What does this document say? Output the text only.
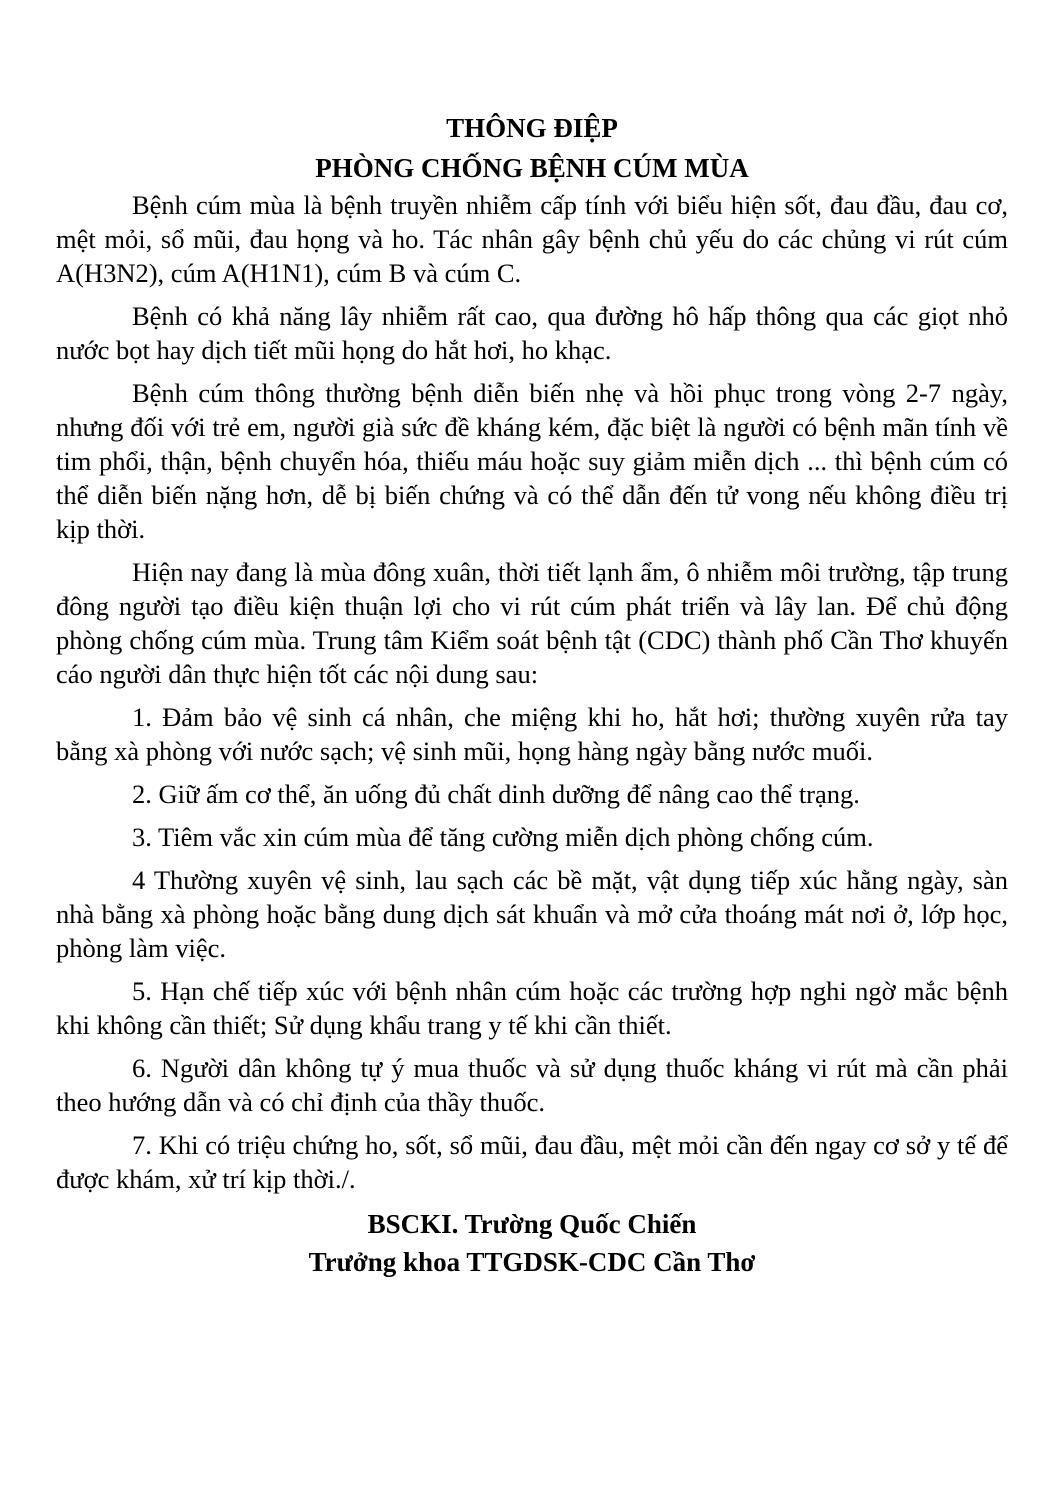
THÔNG ĐIỆP
PHÒNG CHỐNG BỆNH CÚM MÙA

Bệnh cúm mùa là bệnh truyền nhiễm cấp tính với biểu hiện sốt, đau đầu, đau cơ, mệt mỏi, sổ mũi, đau họng và ho. Tác nhân gây bệnh chủ yếu do các chủng vi rút cúm A(H3N2), cúm A(H1N1), cúm B và cúm C.

Bệnh có khả năng lây nhiễm rất cao, qua đường hô hấp thông qua các giọt nhỏ nước bọt hay dịch tiết mũi họng do hắt hơi, ho khạc.

Bệnh cúm thông thường bệnh diễn biến nhẹ và hồi phục trong vòng 2-7 ngày, nhưng đối với trẻ em, người già sức đề kháng kém, đặc biệt là người có bệnh mãn tính về tim phổi, thận, bệnh chuyển hóa, thiếu máu hoặc suy giảm miễn dịch ... thì bệnh cúm có thể diễn biến nặng hơn, dễ bị biến chứng và có thể dẫn đến tử vong nếu không điều trị kịp thời.

Hiện nay đang là mùa đông xuân, thời tiết lạnh ẩm, ô nhiễm môi trường, tập trung đông người tạo điều kiện thuận lợi cho vi rút cúm phát triển và lây lan. Để chủ động phòng chống cúm mùa. Trung tâm Kiểm soát bệnh tật (CDC) thành phố Cần Thơ khuyến cáo người dân thực hiện tốt các nội dung sau:

1. Đảm bảo vệ sinh cá nhân, che miệng khi ho, hắt hơi; thường xuyên rửa tay bằng xà phòng với nước sạch; vệ sinh mũi, họng hàng ngày bằng nước muối.

2. Giữ ấm cơ thể, ăn uống đủ chất dinh dưỡng để nâng cao thể trạng.

3. Tiêm vắc xin cúm mùa để tăng cường miễn dịch phòng chống cúm.

4 Thường xuyên vệ sinh, lau sạch các bề mặt, vật dụng tiếp xúc hằng ngày, sàn nhà bằng xà phòng hoặc bằng dung dịch sát khuẩn và mở cửa thoáng mát nơi ở, lớp học, phòng làm việc.

5. Hạn chế tiếp xúc với bệnh nhân cúm hoặc các trường hợp nghi ngờ mắc bệnh khi không cần thiết; Sử dụng khẩu trang y tế khi cần thiết.

6. Người dân không tự ý mua thuốc và sử dụng thuốc kháng vi rút mà cần phải theo hướng dẫn và có chỉ định của thầy thuốc.

7. Khi có triệu chứng ho, sốt, sổ mũi, đau đầu, mệt mỏi cần đến ngay cơ sở y tế để được khám, xử trí kịp thời./.

BSCKI. Trường Quốc Chiến

Trưởng khoa TTGDSK-CDC Cần Thơ
